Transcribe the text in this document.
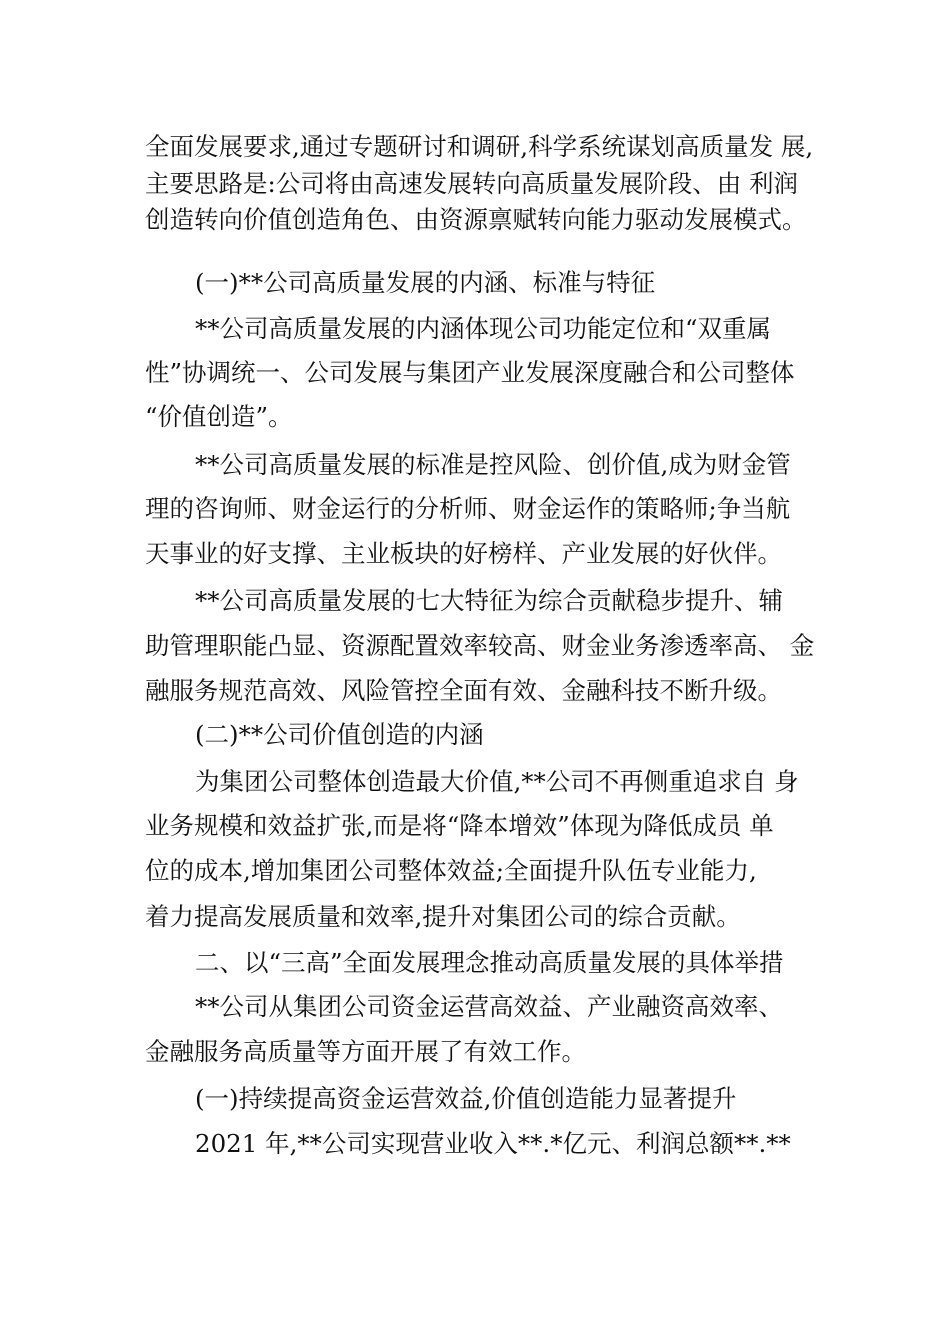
全面发展要求,通过专题研讨和调研,科学系统谋划高质量发 展,

主要思路是:公司将由高速发展转向高质量发展阶段、由 利润

创造转向价值创造角色、由资源禀赋转向能力驱动发展模式。

(一)**公司高质量发展的内涵、标准与特征

**公司高质量发展的内涵体现公司功能定位和“双重属

性”协调统一、公司发展与集团产业发展深度融合和公司整体

“价值创造”。

**公司高质量发展的标准是控风险、创价值,成为财金管

理的咨询师、财金运行的分析师、财金运作的策略师;争当航

天事业的好支撑、主业板块的好榜样、产业发展的好伙伴。

**公司高质量发展的七大特征为综合贡献稳步提升、辅

助管理职能凸显、资源配置效率较高、财金业务渗透率高、 金

融服务规范高效、风险管控全面有效、金融科技不断升级。

(二)**公司价值创造的内涵

为集团公司整体创造最大价值,**公司不再侧重追求自 身

业务规模和效益扩张,而是将“降本增效”体现为降低成员 单

位的成本,增加集团公司整体效益;全面提升队伍专业能力,

着力提高发展质量和效率,提升对集团公司的综合贡献。

二、以“三高”全面发展理念推动高质量发展的具体举措

**公司从集团公司资金运营高效益、产业融资高效率、

金融服务高质量等方面开展了有效工作。

(一)持续提高资金运营效益,价值创造能力显著提升

2021 年,**公司实现营业收入**.*亿元、利润总额**.**
